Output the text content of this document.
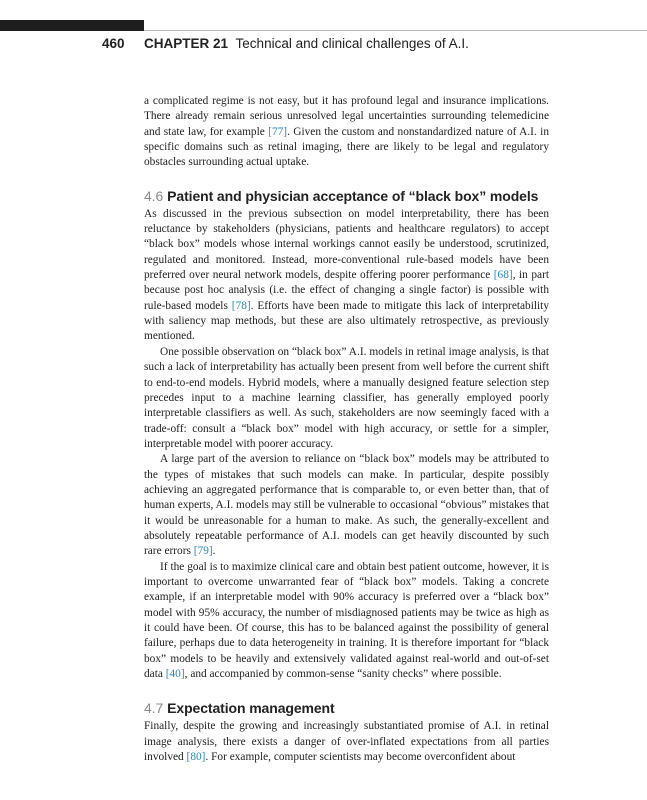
460 CHAPTER 21 Technical and clinical challenges of A.I.

a complicated regime is not easy, but it has profound legal and insurance implications. There already remain serious unresolved legal uncertainties surrounding telemedicine and state law, for example [77]. Given the custom and nonstandardized nature of A.I. in specific domains such as retinal imaging, there are likely to be legal and regulatory obstacles surrounding actual uptake.

4.6 Patient and physician acceptance of “black box” models

As discussed in the previous subsection on model interpretability, there has been reluctance by stakeholders (physicians, patients and healthcare regulators) to accept “black box” models whose internal workings cannot easily be understood, scrutinized, regulated and monitored. Instead, more-conventional rule-based models have been preferred over neural network models, despite offering poorer performance [68], in part because post hoc analysis (i.e. the effect of changing a single factor) is possible with rule-based models [78]. Efforts have been made to mitigate this lack of interpretability with saliency map methods, but these are also ultimately retrospective, as previously mentioned.

One possible observation on “black box” A.I. models in retinal image analysis, is that such a lack of interpretability has actually been present from well before the current shift to end-to-end models. Hybrid models, where a manually designed feature selection step precedes input to a machine learning classifier, has generally employed poorly interpretable classifiers as well. As such, stakeholders are now seemingly faced with a trade-off: consult a “black box” model with high accuracy, or settle for a simpler, interpretable model with poorer accuracy.

A large part of the aversion to reliance on “black box” models may be attributed to the types of mistakes that such models can make. In particular, despite possibly achieving an aggregated performance that is comparable to, or even better than, that of human experts, A.I. models may still be vulnerable to occasional “obvious” mistakes that it would be unreasonable for a human to make. As such, the generally-excellent and absolutely repeatable performance of A.I. models can get heavily discounted by such rare errors [79].

If the goal is to maximize clinical care and obtain best patient outcome, however, it is important to overcome unwarranted fear of “black box” models. Taking a concrete example, if an interpretable model with 90% accuracy is preferred over a “black box” model with 95% accuracy, the number of misdiagnosed patients may be twice as high as it could have been. Of course, this has to be balanced against the possibility of general failure, perhaps due to data heterogeneity in training. It is therefore important for “black box” models to be heavily and extensively validated against real-world and out-of-set data [40], and accompanied by common-sense “sanity checks” where possible.

4.7 Expectation management

Finally, despite the growing and increasingly substantiated promise of A.I. in retinal image analysis, there exists a danger of over-inflated expectations from all parties involved [80]. For example, computer scientists may become overconfident about
